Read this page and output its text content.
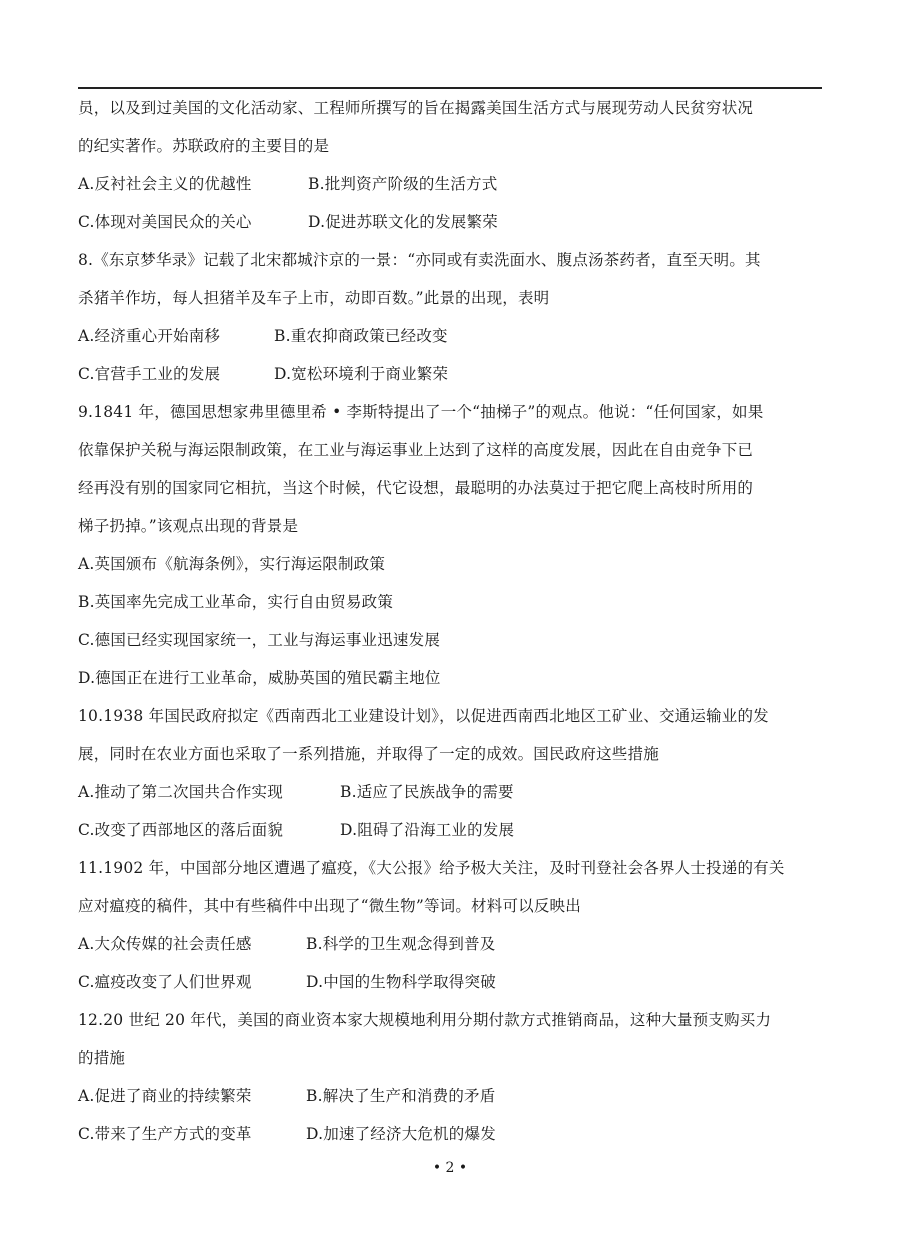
员，以及到过美国的文化活动家、工程师所撰写的旨在揭露美国生活方式与展现劳动人民贫穷状况
的纪实著作。苏联政府的主要目的是
A.反衬社会主义的优越性	B.批判资产阶级的生活方式
C.体现对美国民众的关心	D.促进苏联文化的发展繁荣
8.《东京梦华录》记载了北宋都城汴京的一景：“亦同或有卖洗面水、腹点汤茶药者，直至天明。其
杀猪羊作坊，每人担猪羊及车子上市，动即百数。”此景的出现，表明
A.经济重心开始南移	B.重农抑商政策已经改变
C.官营手工业的发展	D.宽松环境利于商业繁荣
9.1841 年，德国思想家弗里德里希 • 李斯特提出了一个“抽梯子”的观点。他说：“任何国家，如果
依靠保护关税与海运限制政策，在工业与海运事业上达到了这样的高度发展，因此在自由竞争下已
经再没有别的国家同它相抗，当这个时候，代它设想，最聪明的办法莫过于把它爬上高枝时所用的
梯子扔掉。”该观点出现的背景是
A.英国颁布《航海条例》，实行海运限制政策
B.英国率先完成工业革命，实行自由贸易政策
C.德国已经实现国家统一，工业与海运事业迅速发展
D.德国正在进行工业革命，威胁英国的殖民霸主地位
10.1938 年国民政府拟定《西南西北工业建设计划》，以促进西南西北地区工矿业、交通运输业的发
展，同时在农业方面也采取了一系列措施，并取得了一定的成效。国民政府这些措施
A.推动了第二次国共合作实现	B.适应了民族战争的需要
C.改变了西部地区的落后面貌	D.阻碍了沿海工业的发展
11.1902 年，中国部分地区遭遇了瘟疫，《大公报》给予极大关注，及时刊登社会各界人士投递的有关
应对瘟疫的稿件，其中有些稿件中出现了“微生物”等词。材料可以反映出
A.大众传媒的社会责任感	B.科学的卫生观念得到普及
C.瘟疫改变了人们世界观	D.中国的生物科学取得突破
12.20 世纪 20 年代，美国的商业资本家大规模地利用分期付款方式推销商品，这种大量预支购买力
的措施
A.促进了商业的持续繁荣	B.解决了生产和消费的矛盾
C.带来了生产方式的变革	D.加速了经济大危机的爆发
• 2 •
